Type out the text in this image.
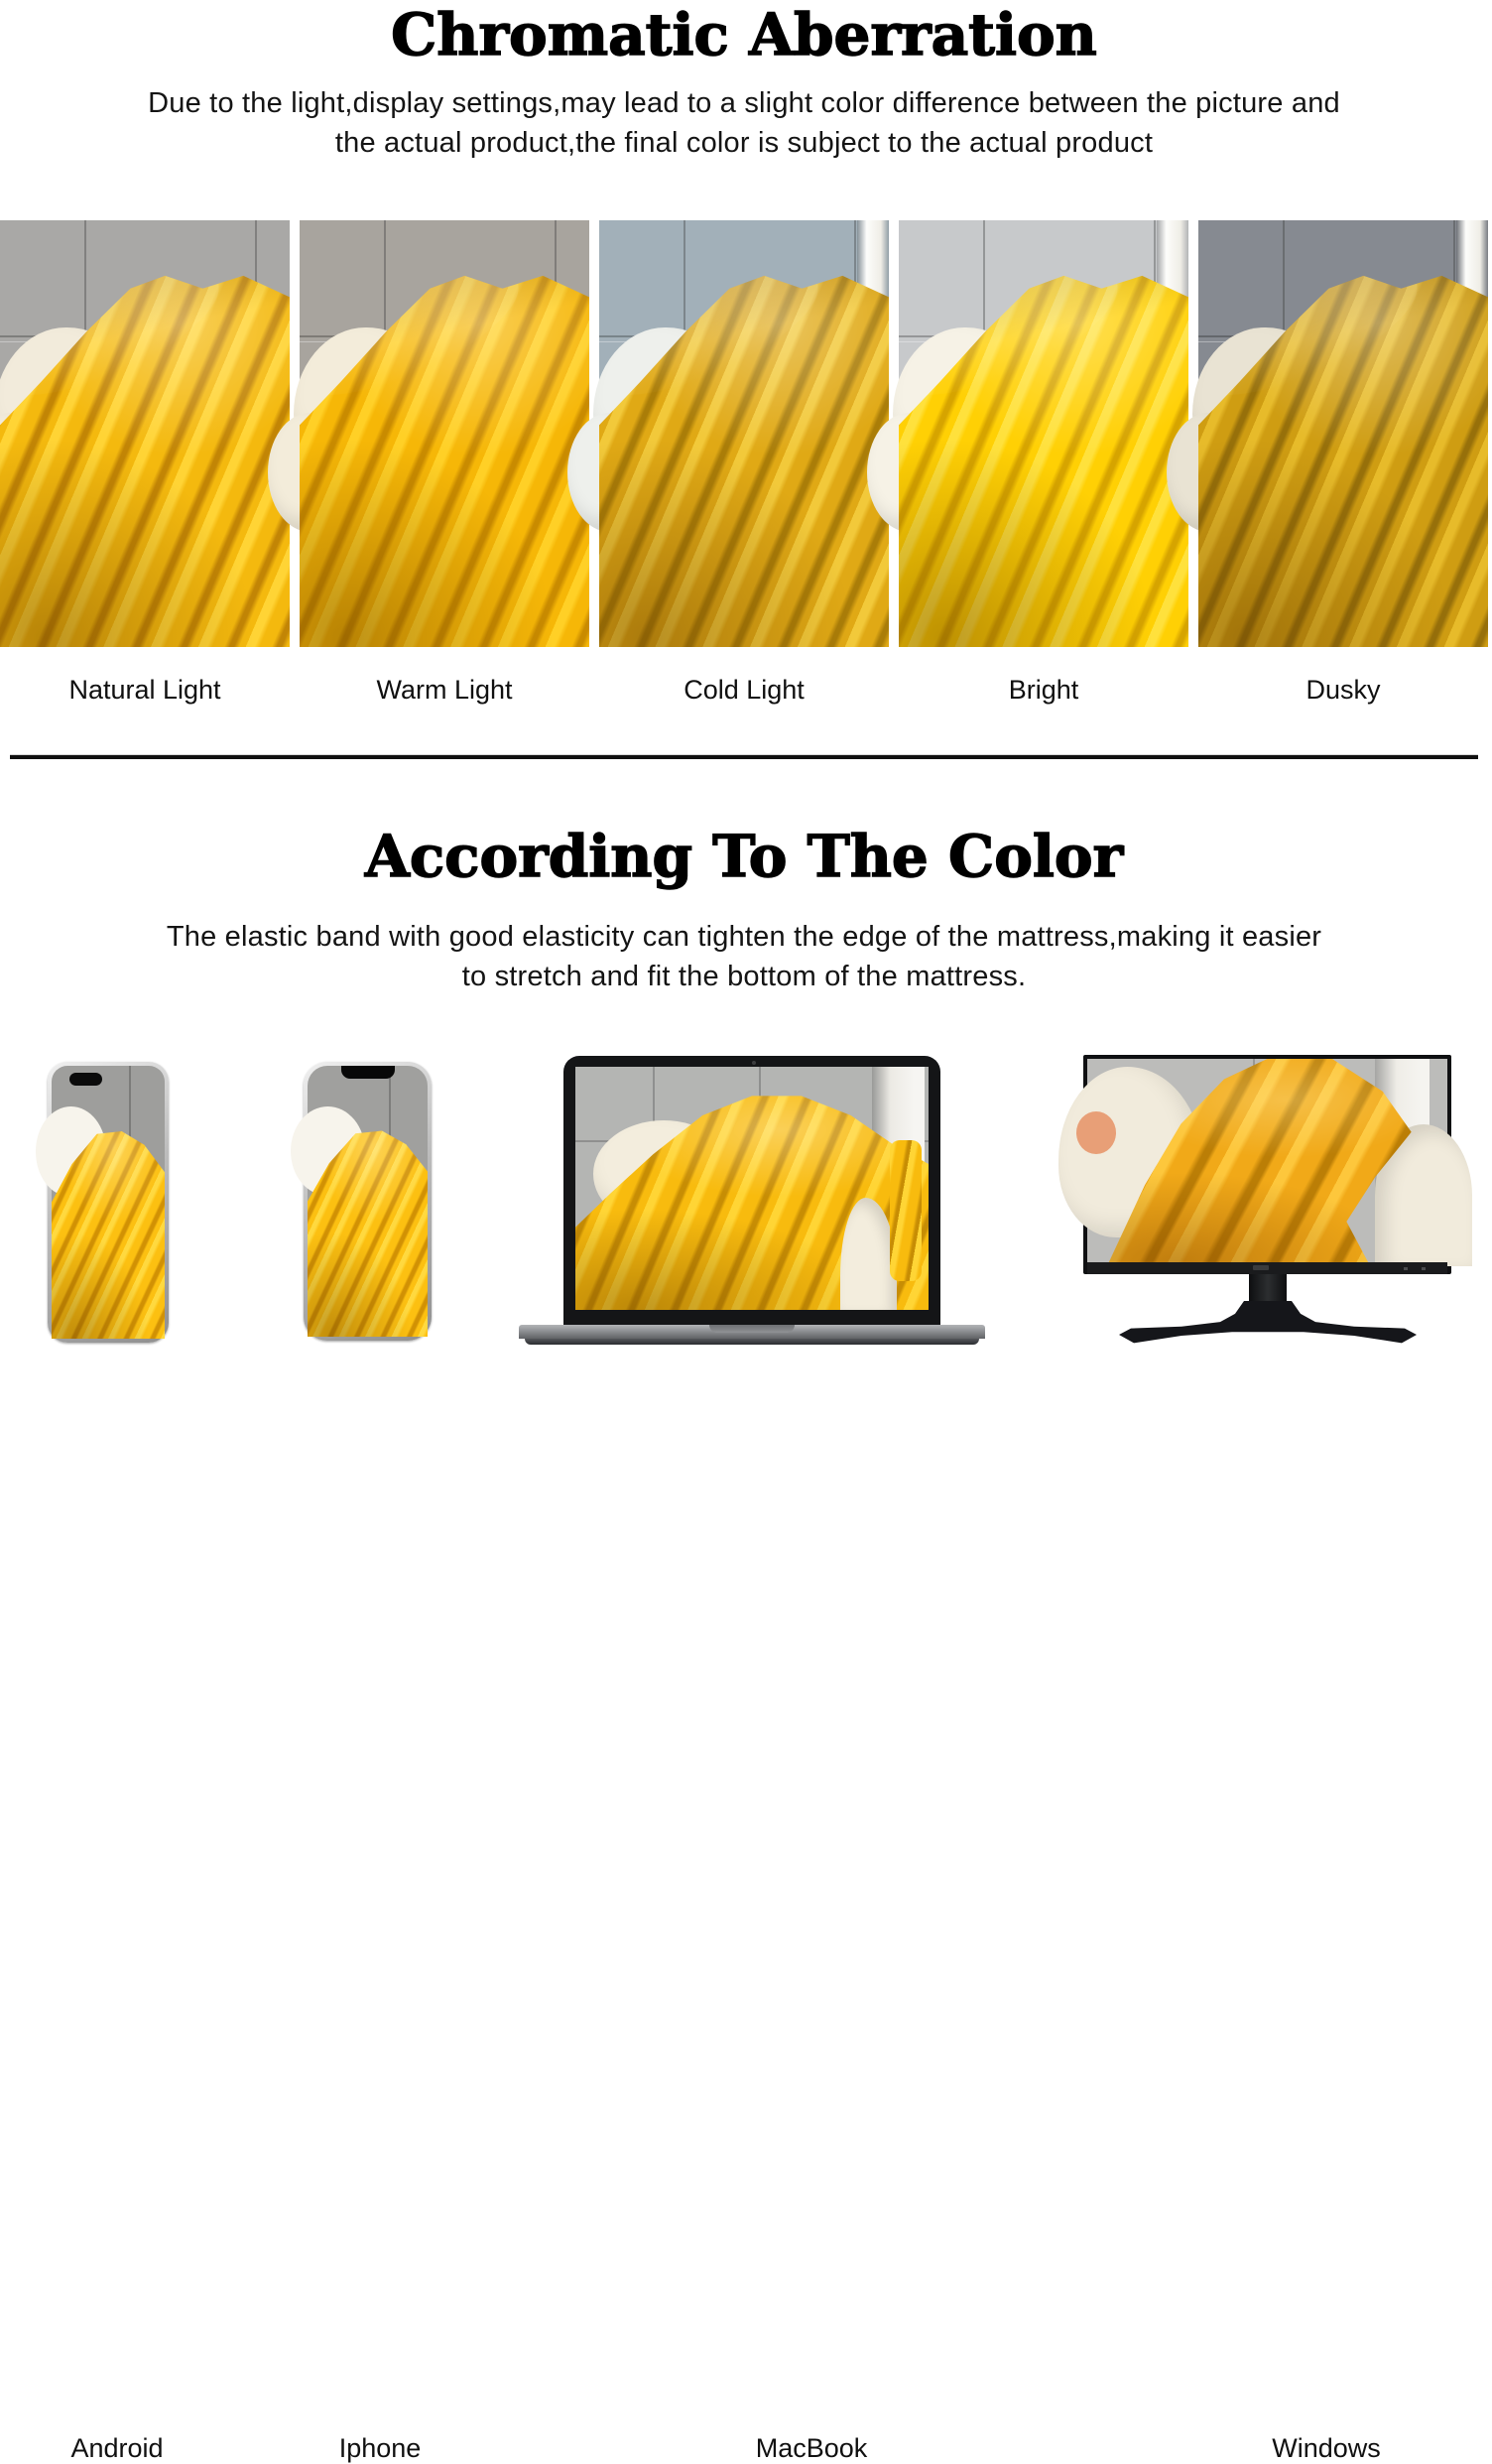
Chromatic Aberration
Due to the light,display settings,may lead to a slight color difference between the picture and
the actual product,the final color is subject to the actual product
Natural Light	Warm Light	Cold Light	Bright	Dusky
According To The Color
The elastic band with good elasticity can tighten the edge of the mattress,making it easier
to stretch and fit the bottom of the mattress.
Android	Iphone	MacBook	Windows
